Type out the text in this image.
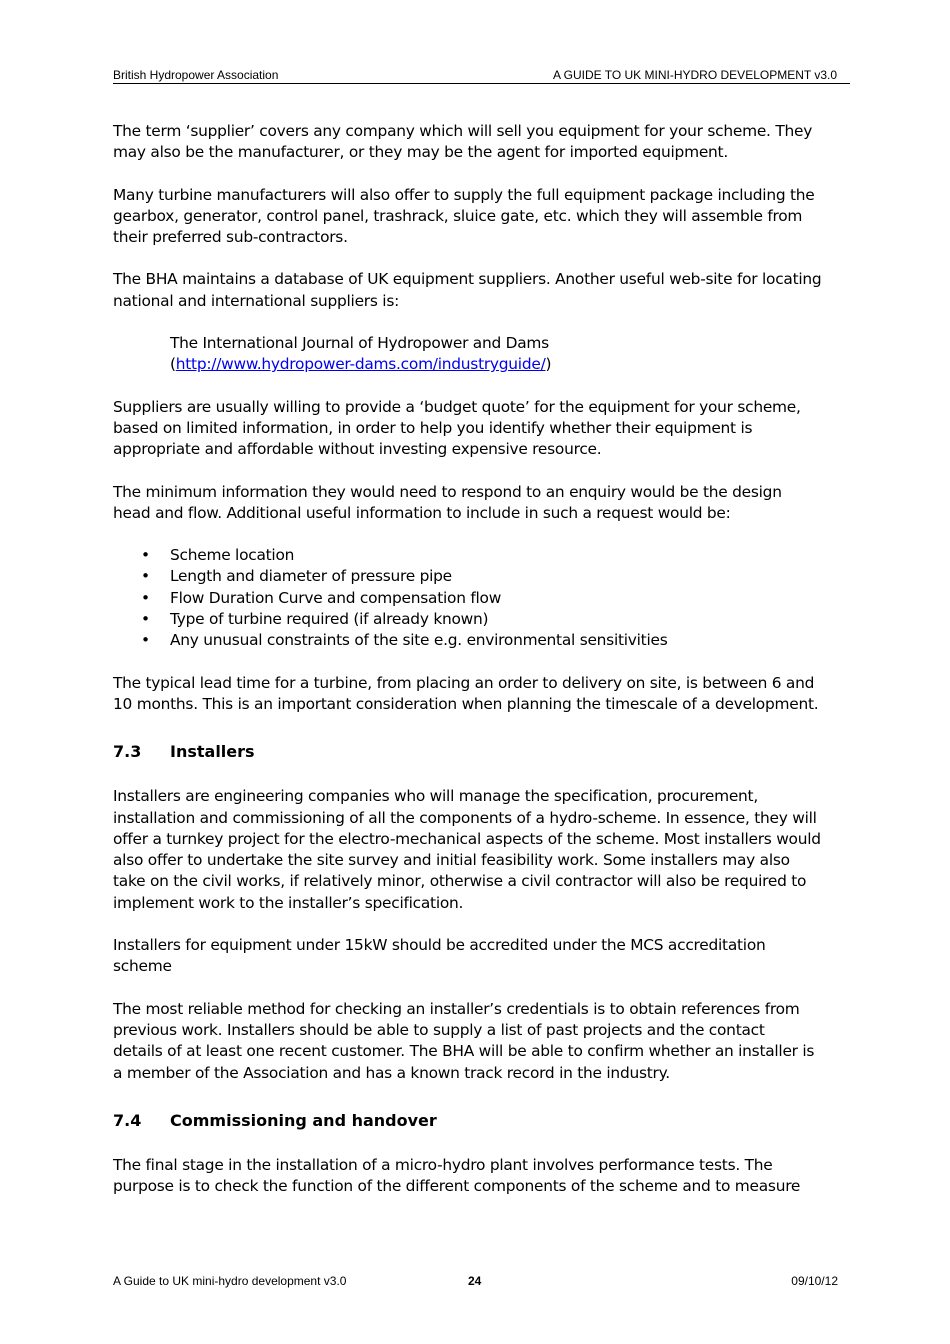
British Hydropower Association	A GUIDE TO UK MINI-HYDRO DEVELOPMENT v3.0

The term ‘supplier’ covers any company which will sell you equipment for your scheme. They
may also be the manufacturer, or they may be the agent for imported equipment.

Many turbine manufacturers will also offer to supply the full equipment package including the
gearbox, generator, control panel, trashrack, sluice gate, etc. which they will assemble from
their preferred sub-contractors.

The BHA maintains a database of UK equipment suppliers. Another useful web-site for locating
national and international suppliers is:

The International Journal of Hydropower and Dams
(http://www.hydropower-dams.com/industryguide/)

Suppliers are usually willing to provide a ‘budget quote’ for the equipment for your scheme,
based on limited information, in order to help you identify whether their equipment is
appropriate and affordable without investing expensive resource.

The minimum information they would need to respond to an enquiry would be the design
head and flow. Additional useful information to include in such a request would be:

• Scheme location
• Length and diameter of pressure pipe
• Flow Duration Curve and compensation flow
• Type of turbine required (if already known)
• Any unusual constraints of the site e.g. environmental sensitivities

The typical lead time for a turbine, from placing an order to delivery on site, is between 6 and
10 months. This is an important consideration when planning the timescale of a development.

7.3 Installers

Installers are engineering companies who will manage the specification, procurement,
installation and commissioning of all the components of a hydro-scheme. In essence, they will
offer a turnkey project for the electro-mechanical aspects of the scheme. Most installers would
also offer to undertake the site survey and initial feasibility work. Some installers may also
take on the civil works, if relatively minor, otherwise a civil contractor will also be required to
implement work to the installer’s specification.

Installers for equipment under 15kW should be accredited under the MCS accreditation
scheme

The most reliable method for checking an installer’s credentials is to obtain references from
previous work. Installers should be able to supply a list of past projects and the contact
details of at least one recent customer. The BHA will be able to confirm whether an installer is
a member of the Association and has a known track record in the industry.

7.4 Commissioning and handover

The final stage in the installation of a micro-hydro plant involves performance tests. The
purpose is to check the function of the different components of the scheme and to measure

A Guide to UK mini-hydro development v3.0	24	09/10/12
